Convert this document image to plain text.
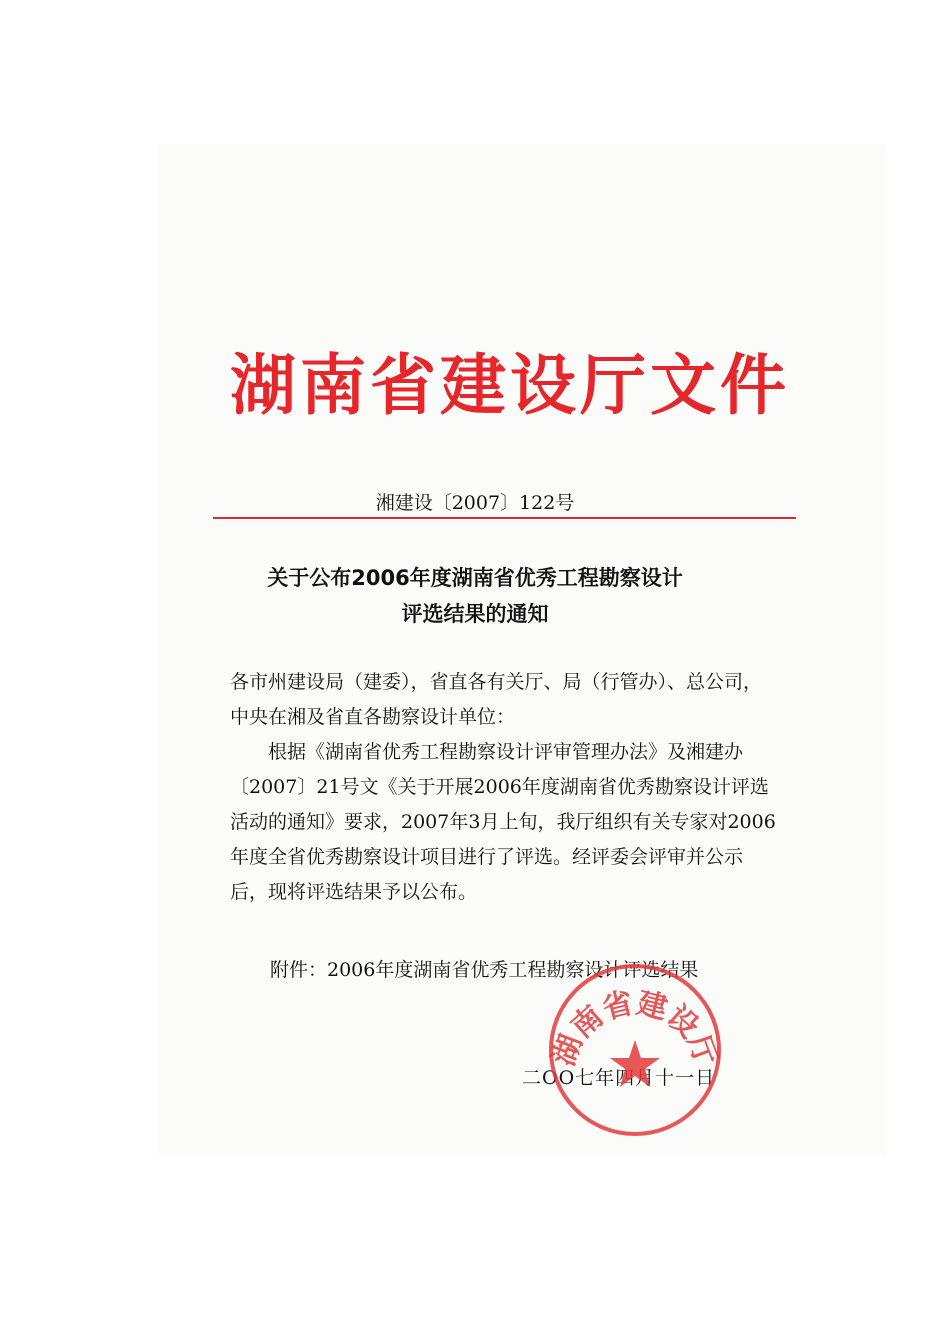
湖南省建设厅文件
湘建设〔2007〕122号
关于公布2006年度湖南省优秀工程勘察设计
评选结果的通知
各市州建设局（建委），省直各有关厅、局（行管办）、总公司，
中央在湘及省直各勘察设计单位：
　　根据《湖南省优秀工程勘察设计评审管理办法》及湘建办
〔2007〕21号文《关于开展2006年度湖南省优秀勘察设计评选
活动的通知》要求，2007年3月上旬，我厅组织有关专家对2006
年度全省优秀勘察设计项目进行了评选。经评委会评审并公示
后，现将评选结果予以公布。
附件：2006年度湖南省优秀工程勘察设计评选结果
二OO七年四月十一日
湖南省建设厅
